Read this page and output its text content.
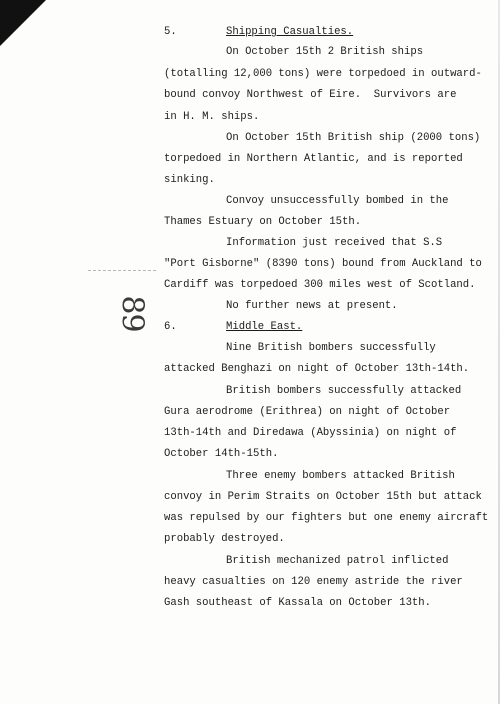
89
5.	Shipping Casualties.
On October 15th 2 British ships
(totalling 12,000 tons) were torpedoed in outward-
bound convoy Northwest of Eire.  Survivors are
in H. M. ships.
On October 15th British ship (2000 tons)
torpedoed in Northern Atlantic, and is reported
sinking.
Convoy unsuccessfully bombed in the
Thames Estuary on October 15th.
Information just received that S.S
"Port Gisborne" (8390 tons) bound from Auckland to
Cardiff was torpedoed 300 miles west of Scotland.
No further news at present.
6.	Middle East.
Nine British bombers successfully
attacked Benghazi on night of October 13th-14th.
British bombers successfully attacked
Gura aerodrome (Erithrea) on night of October
13th-14th and Diredawa (Abyssinia) on night of
October 14th-15th.
Three enemy bombers attacked British
convoy in Perim Straits on October 15th but attack
was repulsed by our fighters but one enemy aircraft
probably destroyed.
British mechanized patrol inflicted
heavy casualties on 120 enemy astride the river
Gash southeast of Kassala on October 13th.
